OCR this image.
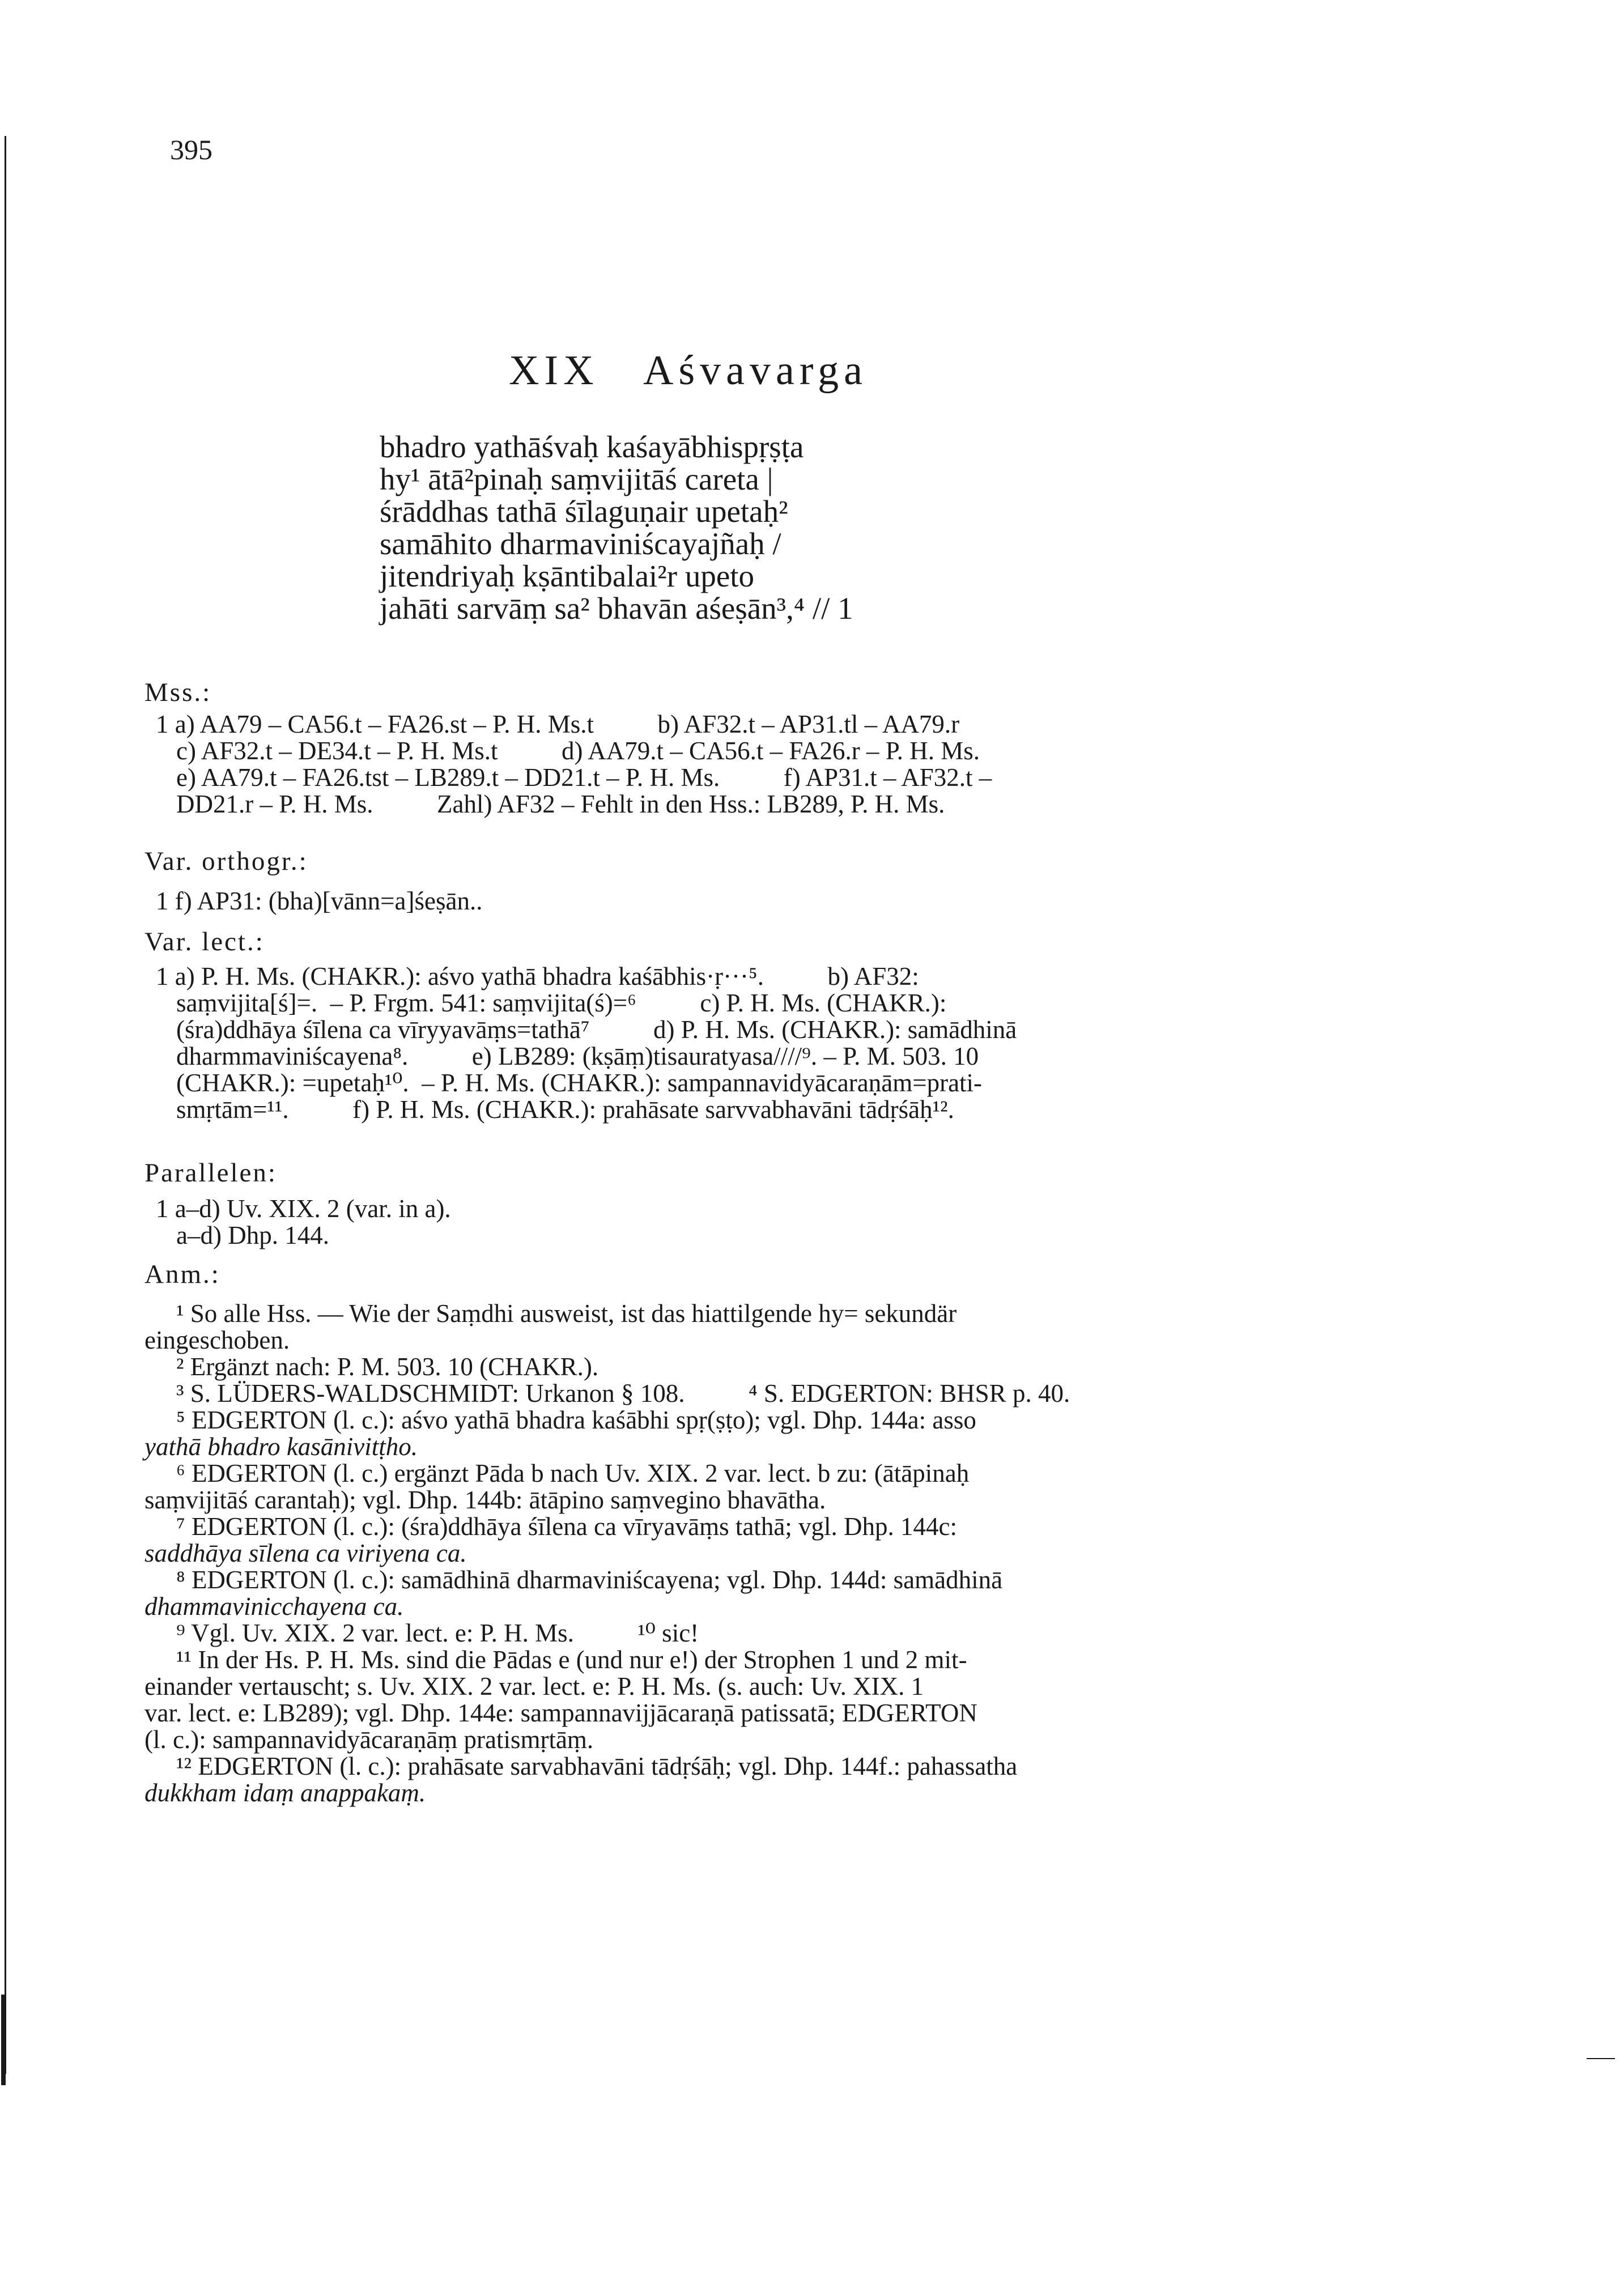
395
XIX   Aśvavarga
bhadro yathāśvaḥ kaśayābhispṛṣṭa
hy¹ ātā²pinaḥ saṃvijitāś careta |
śrāddhas tathā śīlaguṇair upetaḥ²
samāhito dharmaviniścayajñaḥ /
jitendriyaḥ kṣāntibalai²r upeto
jahāti sarvāṃ sa² bhavān aśeṣān³,⁴ // 1
Mss.:
1 a) AA79 – CA56.t – FA26.st – P. H. Ms.t          b) AF32.t – AP31.tl – AA79.r
c) AF32.t – DE34.t – P. H. Ms.t          d) AA79.t – CA56.t – FA26.r – P. H. Ms.
e) AA79.t – FA26.tst – LB289.t – DD21.t – P. H. Ms.          f) AP31.t – AF32.t –
DD21.r – P. H. Ms.          Zahl) AF32 – Fehlt in den Hss.: LB289, P. H. Ms.
Var. orthogr.:
1 f) AP31: (bha)[vānn=a]śeṣān..
Var. lect.:
1 a) P. H. Ms. (CHAKR.): aśvo yathā bhadra kaśābhis·ṛ···⁵.          b) AF32:
saṃvijita[ś]=.  – P. Frgm. 541: saṃvijita(ś)=⁶          c) P. H. Ms. (CHAKR.):
(śra)ddhāya śīlena ca vīryyavāṃs=tathā⁷          d) P. H. Ms. (CHAKR.): samādhinā
dharmmaviniścayena⁸.          e) LB289: (kṣāṃ)tisauratyasa////⁹. – P. M. 503. 10
(CHAKR.): =upetaḥ¹⁰.  – P. H. Ms. (CHAKR.): sampannavidyācaraṇām=prati-
smṛtām=¹¹.          f) P. H. Ms. (CHAKR.): prahāsate sarvvabhavāni tādṛśāḥ¹².
Parallelen:
1 a–d) Uv. XIX. 2 (var. in a).
a–d) Dhp. 144.
Anm.:
¹ So alle Hss. — Wie der Saṃdhi ausweist, ist das hiattilgende hy= sekundär
eingeschoben.
² Ergänzt nach: P. M. 503. 10 (CHAKR.).
³ S. LÜDERS-WALDSCHMIDT: Urkanon § 108.          ⁴ S. EDGERTON: BHSR p. 40.
⁵ EDGERTON (l. c.): aśvo yathā bhadra kaśābhi spṛ(ṣṭo); vgl. Dhp. 144a: asso
yathā bhadro kasānivitṭho.
⁶ EDGERTON (l. c.) ergänzt Pāda b nach Uv. XIX. 2 var. lect. b zu: (ātāpinaḥ
saṃvijitāś carantaḥ); vgl. Dhp. 144b: ātāpino saṃvegino bhavātha.
⁷ EDGERTON (l. c.): (śra)ddhāya śīlena ca vīryavāṃs tathā; vgl. Dhp. 144c:
saddhāya sīlena ca viriyena ca.
⁸ EDGERTON (l. c.): samādhinā dharmaviniścayena; vgl. Dhp. 144d: samādhinā
dhammavinicchayena ca.
⁹ Vgl. Uv. XIX. 2 var. lect. e: P. H. Ms.          ¹⁰ sic!
¹¹ In der Hs. P. H. Ms. sind die Pādas e (und nur e!) der Strophen 1 und 2 mit-
einander vertauscht; s. Uv. XIX. 2 var. lect. e: P. H. Ms. (s. auch: Uv. XIX. 1
var. lect. e: LB289); vgl. Dhp. 144e: sampannavijjācaraṇā patissatā; EDGERTON
(l. c.): sampannavidyācaraṇāṃ pratismṛtāṃ.
¹² EDGERTON (l. c.): prahāsate sarvabhavāni tādṛśāḥ; vgl. Dhp. 144f.: pahassatha
dukkham idaṃ anappakaṃ.
